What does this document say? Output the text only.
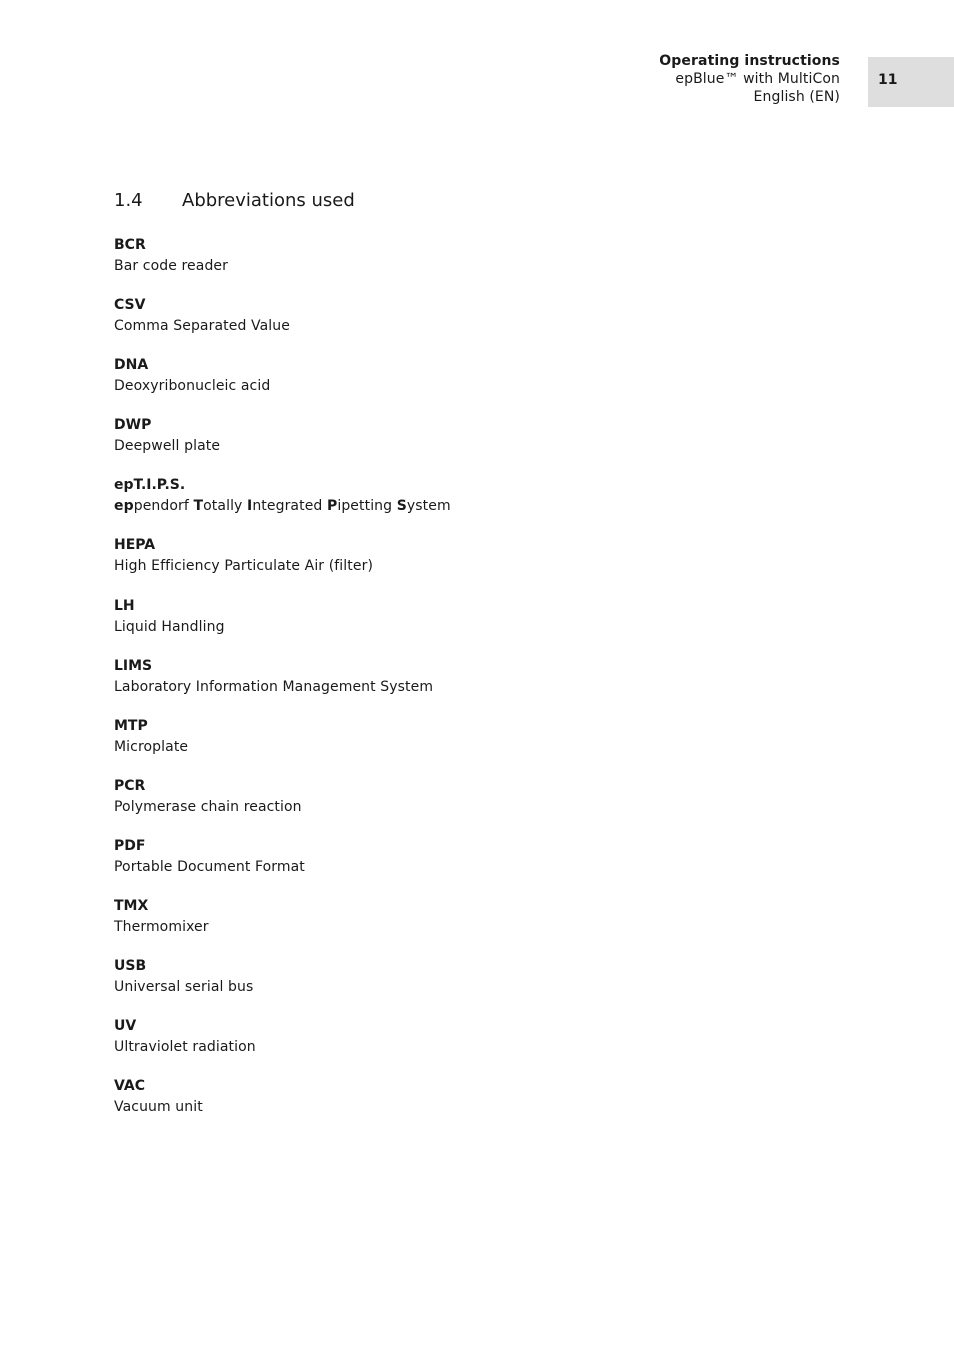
Operating instructions
epBlue™ with MultiCon
English (EN)
11
1.4 Abbreviations used
BCR
Bar code reader
CSV
Comma Separated Value
DNA
Deoxyribonucleic acid
DWP
Deepwell plate
epT.I.P.S.
eppendorf Totally Integrated Pipetting System
HEPA
High Efficiency Particulate Air (filter)
LH
Liquid Handling
LIMS
Laboratory Information Management System
MTP
Microplate
PCR
Polymerase chain reaction
PDF
Portable Document Format
TMX
Thermomixer
USB
Universal serial bus
UV
Ultraviolet radiation
VAC
Vacuum unit
